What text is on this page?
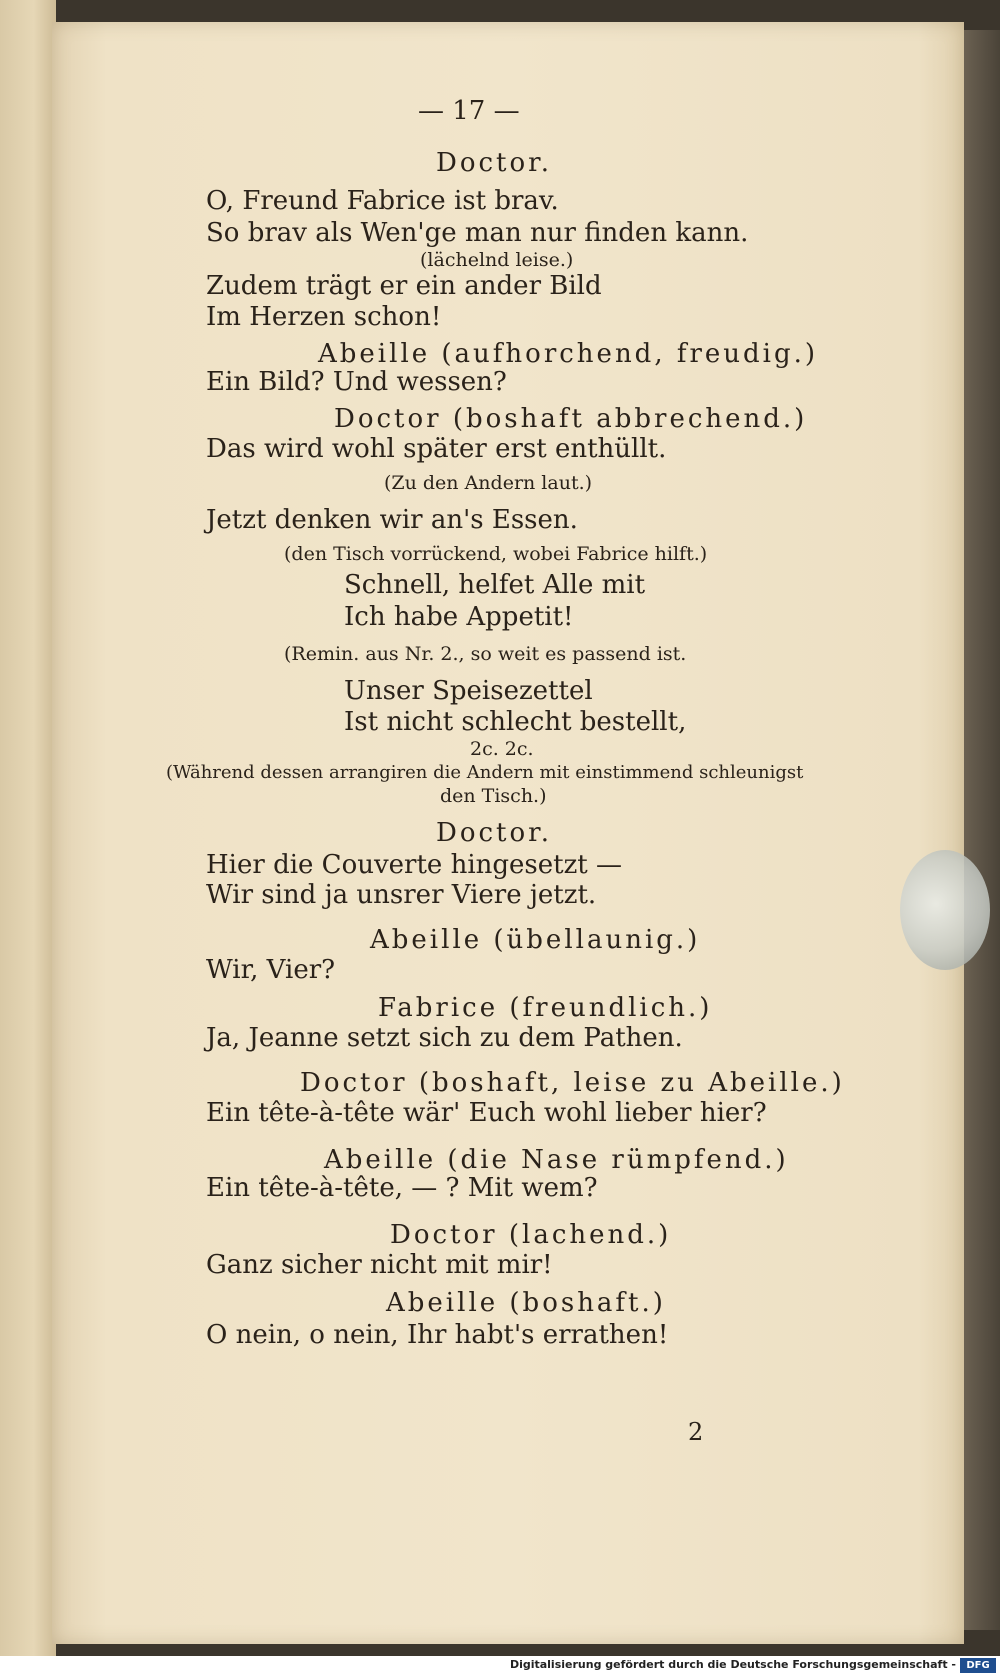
— 17 —
Doctor.
O, Freund Fabrice ist brav.
So brav als Wen'ge man nur finden kann.
(lächelnd leise.)
Zudem trägt er ein ander Bild
Im Herzen schon!
Abeille (aufhorchend, freudig.)
Ein Bild? Und wessen?
Doctor (boshaft abbrechend.)
Das wird wohl später erst enthüllt.
(Zu den Andern laut.)
Jetzt denken wir an's Essen.
(den Tisch vorrückend, wobei Fabrice hilft.)
Schnell, helfet Alle mit
Ich habe Appetit!
(Remin. aus Nr. 2., so weit es passend ist.
Unser Speisezettel
Ist nicht schlecht bestellt,
2c. 2c.
(Während dessen arrangiren die Andern mit einstimmend schleunigst
den Tisch.)
Doctor.
Hier die Couverte hingesetzt —
Wir sind ja unsrer Viere jetzt.
Abeille (übellaunig.)
Wir, Vier?
Fabrice (freundlich.)
Ja, Jeanne setzt sich zu dem Pathen.
Doctor (boshaft, leise zu Abeille.)
Ein tête-à-tête wär' Euch wohl lieber hier?
Abeille (die Nase rümpfend.)
Ein tête-à-tête, — ? Mit wem?
Doctor (lachend.)
Ganz sicher nicht mit mir!
Abeille (boshaft.)
O nein, o nein, Ihr habt's errathen!
2
Digitalisierung gefördert durch die Deutsche Forschungsgemeinschaft -	DFG
